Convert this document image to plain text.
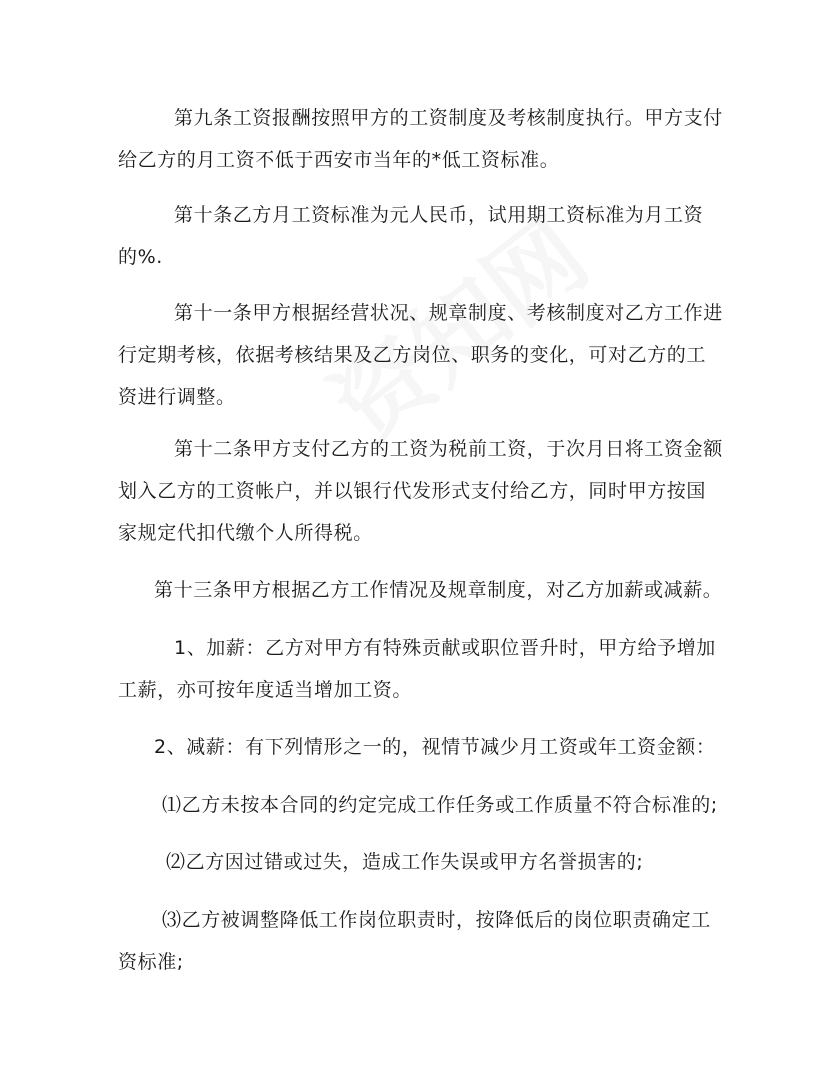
第九条工资报酬按照甲方的工资制度及考核制度执行。甲方支付
给乙方的月工资不低于西安市当年的*低工资标准。

第十条乙方月工资标准为元人民币，试用期工资标准为月工资
的%.

第十一条甲方根据经营状况、规章制度、考核制度对乙方工作进
行定期考核，依据考核结果及乙方岗位、职务的变化，可对乙方的工
资进行调整。

第十二条甲方支付乙方的工资为税前工资，于次月日将工资金额
划入乙方的工资帐户，并以银行代发形式支付给乙方，同时甲方按国
家规定代扣代缴个人所得税。

第十三条甲方根据乙方工作情况及规章制度，对乙方加薪或减薪。

1、加薪：乙方对甲方有特殊贡献或职位晋升时，甲方给予增加
工薪，亦可按年度适当增加工资。

2、减薪：有下列情形之一的，视情节减少月工资或年工资金额：

⑴乙方未按本合同的约定完成工作任务或工作质量不符合标准的;

⑵乙方因过错或过失，造成工作失误或甲方名誉损害的;

⑶乙方被调整降低工作岗位职责时，按降低后的岗位职责确定工
资标准;
